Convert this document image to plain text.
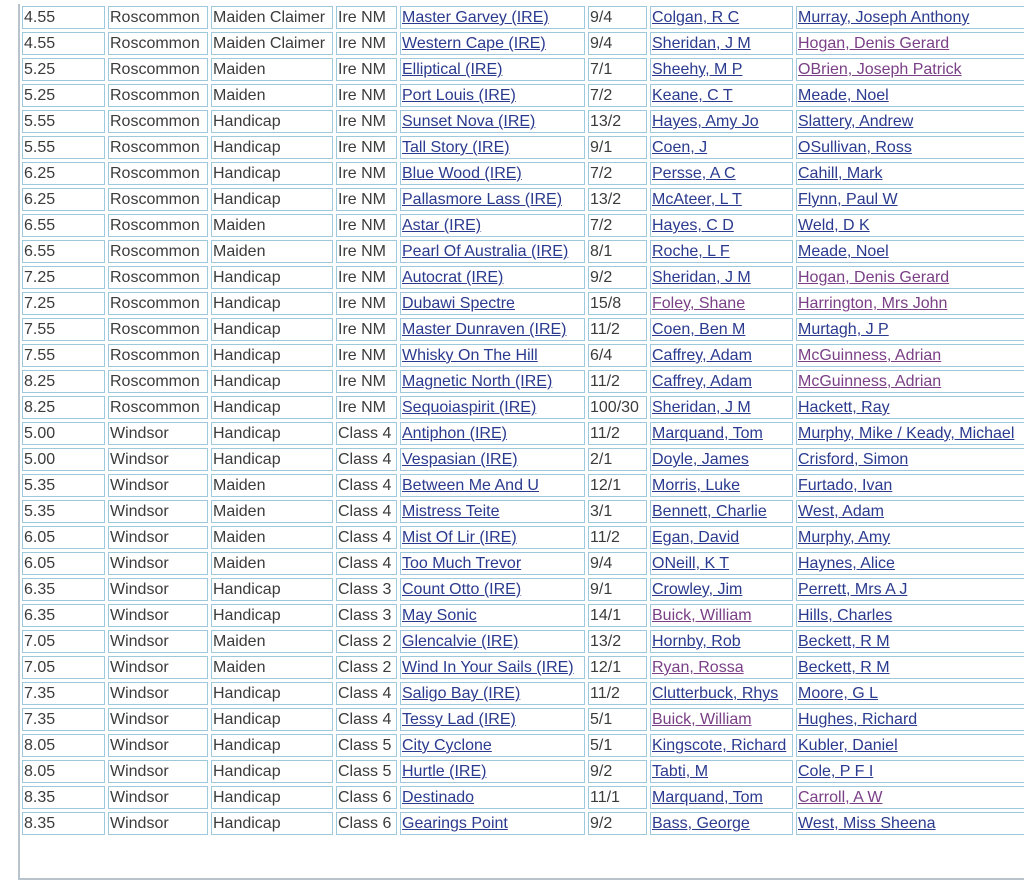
4.55	Roscommon	Maiden Claimer	Ire NM	Master Garvey (IRE)	9/4	Colgan, R C	Murray, Joseph Anthony
4.55	Roscommon	Maiden Claimer	Ire NM	Western Cape (IRE)	9/4	Sheridan, J M	Hogan, Denis Gerard
5.25	Roscommon	Maiden	Ire NM	Elliptical (IRE)	7/1	Sheehy, M P	OBrien, Joseph Patrick
5.25	Roscommon	Maiden	Ire NM	Port Louis (IRE)	7/2	Keane, C T	Meade, Noel
5.55	Roscommon	Handicap	Ire NM	Sunset Nova (IRE)	13/2	Hayes, Amy Jo	Slattery, Andrew
5.55	Roscommon	Handicap	Ire NM	Tall Story (IRE)	9/1	Coen, J	OSullivan, Ross
6.25	Roscommon	Handicap	Ire NM	Blue Wood (IRE)	7/2	Persse, A C	Cahill, Mark
6.25	Roscommon	Handicap	Ire NM	Pallasmore Lass (IRE)	13/2	McAteer, L T	Flynn, Paul W
6.55	Roscommon	Maiden	Ire NM	Astar (IRE)	7/2	Hayes, C D	Weld, D K
6.55	Roscommon	Maiden	Ire NM	Pearl Of Australia (IRE)	8/1	Roche, L F	Meade, Noel
7.25	Roscommon	Handicap	Ire NM	Autocrat (IRE)	9/2	Sheridan, J M	Hogan, Denis Gerard
7.25	Roscommon	Handicap	Ire NM	Dubawi Spectre	15/8	Foley, Shane	Harrington, Mrs John
7.55	Roscommon	Handicap	Ire NM	Master Dunraven (IRE)	11/2	Coen, Ben M	Murtagh, J P
7.55	Roscommon	Handicap	Ire NM	Whisky On The Hill	6/4	Caffrey, Adam	McGuinness, Adrian
8.25	Roscommon	Handicap	Ire NM	Magnetic North (IRE)	11/2	Caffrey, Adam	McGuinness, Adrian
8.25	Roscommon	Handicap	Ire NM	Sequoiaspirit (IRE)	100/30	Sheridan, J M	Hackett, Ray
5.00	Windsor	Handicap	Class 4	Antiphon (IRE)	11/2	Marquand, Tom	Murphy, Mike / Keady, Michael
5.00	Windsor	Handicap	Class 4	Vespasian (IRE)	2/1	Doyle, James	Crisford, Simon
5.35	Windsor	Maiden	Class 4	Between Me And U	12/1	Morris, Luke	Furtado, Ivan
5.35	Windsor	Maiden	Class 4	Mistress Teite	3/1	Bennett, Charlie	West, Adam
6.05	Windsor	Maiden	Class 4	Mist Of Lir (IRE)	11/2	Egan, David	Murphy, Amy
6.05	Windsor	Maiden	Class 4	Too Much Trevor	9/4	ONeill, K T	Haynes, Alice
6.35	Windsor	Handicap	Class 3	Count Otto (IRE)	9/1	Crowley, Jim	Perrett, Mrs A J
6.35	Windsor	Handicap	Class 3	May Sonic	14/1	Buick, William	Hills, Charles
7.05	Windsor	Maiden	Class 2	Glencalvie (IRE)	13/2	Hornby, Rob	Beckett, R M
7.05	Windsor	Maiden	Class 2	Wind In Your Sails (IRE)	12/1	Ryan, Rossa	Beckett, R M
7.35	Windsor	Handicap	Class 4	Saligo Bay (IRE)	11/2	Clutterbuck, Rhys	Moore, G L
7.35	Windsor	Handicap	Class 4	Tessy Lad (IRE)	5/1	Buick, William	Hughes, Richard
8.05	Windsor	Handicap	Class 5	City Cyclone	5/1	Kingscote, Richard	Kubler, Daniel
8.05	Windsor	Handicap	Class 5	Hurtle (IRE)	9/2	Tabti, M	Cole, P F I
8.35	Windsor	Handicap	Class 6	Destinado	11/1	Marquand, Tom	Carroll, A W
8.35	Windsor	Handicap	Class 6	Gearings Point	9/2	Bass, George	West, Miss Sheena
